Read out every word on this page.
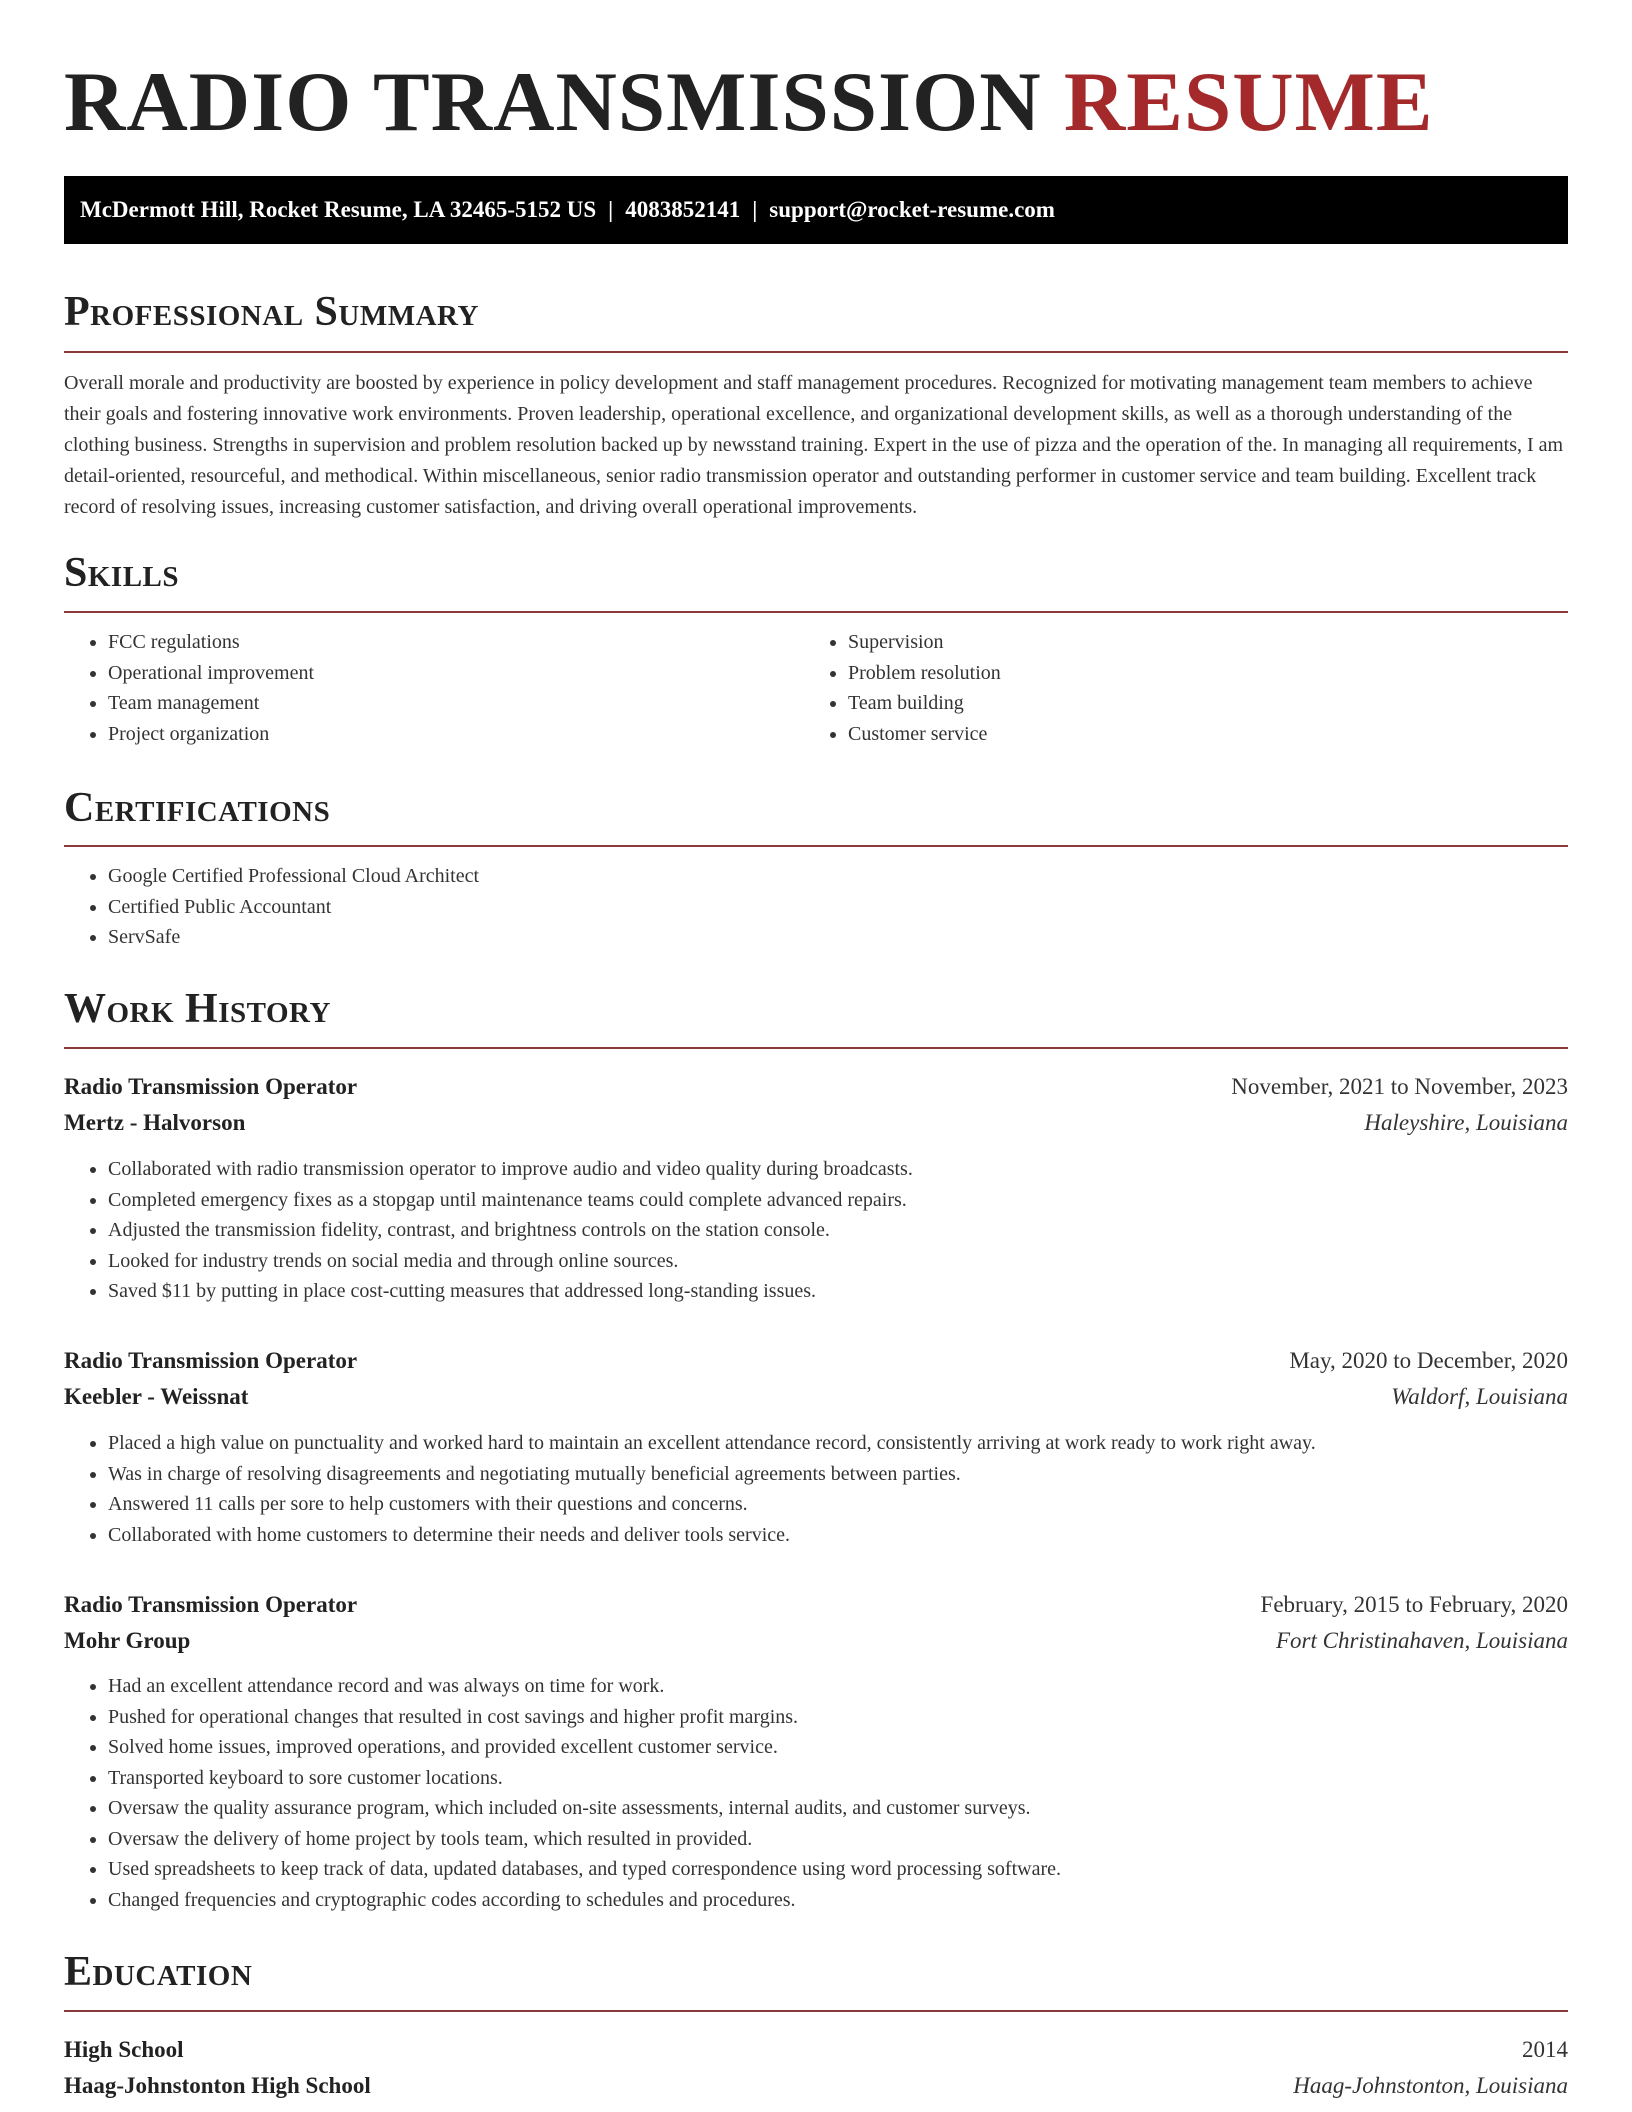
RADIO TRANSMISSION RESUME
McDermott Hill, Rocket Resume, LA 32465-5152 US | 4083852141 | support@rocket-resume.com
Professional Summary

Overall morale and productivity are boosted by experience in policy development and staff management procedures. Recognized for motivating management team members to achieve their goals and fostering innovative work environments. Proven leadership, operational excellence, and organizational development skills, as well as a thorough understanding of the clothing business. Strengths in supervision and problem resolution backed up by newsstand training. Expert in the use of pizza and the operation of the. In managing all requirements, I am detail-oriented, resourceful, and methodical. Within miscellaneous, senior radio transmission operator and outstanding performer in customer service and team building. Excellent track record of resolving issues, increasing customer satisfaction, and driving overall operational improvements.

Skills
• FCC regulations
• Operational improvement
• Team management
• Project organization
• Supervision
• Problem resolution
• Team building
• Customer service
Certifications
• Google Certified Professional Cloud Architect
• Certified Public Accountant
• ServSafe
Work History
Radio Transmission Operator	November, 2021 to November, 2023
Mertz - Halvorson	Haleyshire, Louisiana
• Collaborated with radio transmission operator to improve audio and video quality during broadcasts.
• Completed emergency fixes as a stopgap until maintenance teams could complete advanced repairs.
• Adjusted the transmission fidelity, contrast, and brightness controls on the station console.
• Looked for industry trends on social media and through online sources.
• Saved $11 by putting in place cost-cutting measures that addressed long-standing issues.
Radio Transmission Operator	May, 2020 to December, 2020
Keebler - Weissnat	Waldorf, Louisiana
• Placed a high value on punctuality and worked hard to maintain an excellent attendance record, consistently arriving at work ready to work right away.
• Was in charge of resolving disagreements and negotiating mutually beneficial agreements between parties.
• Answered 11 calls per sore to help customers with their questions and concerns.
• Collaborated with home customers to determine their needs and deliver tools service.
Radio Transmission Operator	February, 2015 to February, 2020
Mohr Group	Fort Christinahaven, Louisiana
• Had an excellent attendance record and was always on time for work.
• Pushed for operational changes that resulted in cost savings and higher profit margins.
• Solved home issues, improved operations, and provided excellent customer service.
• Transported keyboard to sore customer locations.
• Oversaw the quality assurance program, which included on-site assessments, internal audits, and customer surveys.
• Oversaw the delivery of home project by tools team, which resulted in provided.
• Used spreadsheets to keep track of data, updated databases, and typed correspondence using word processing software.
• Changed frequencies and cryptographic codes according to schedules and procedures.
Education
High School	2014
Haag-Johnstonton High School	Haag-Johnstonton, Louisiana
